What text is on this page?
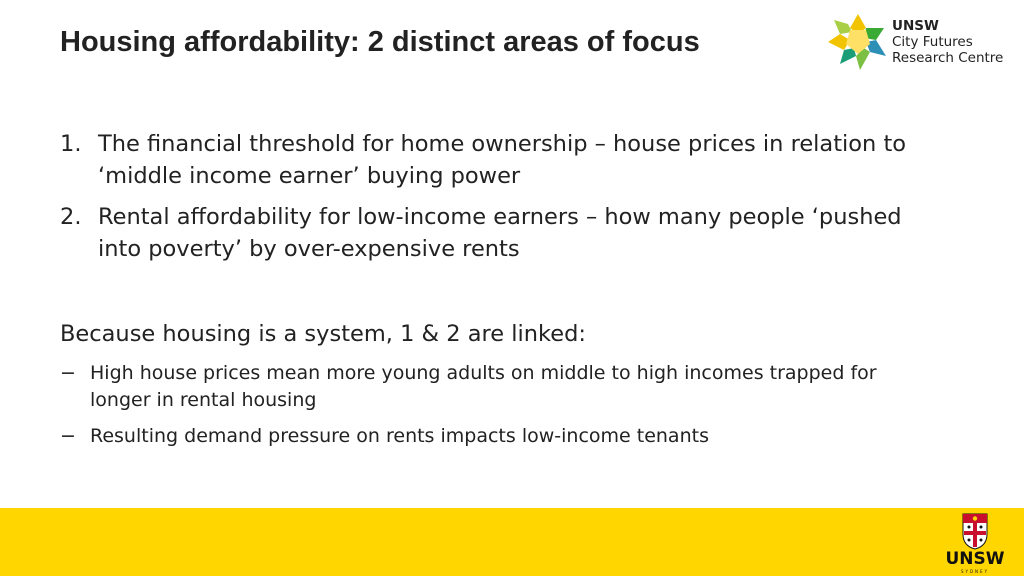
Housing affordability: 2 distinct areas of focus	UNSW
City Futures
Research Centre
1. The financial threshold for home ownership – house prices in relation to ‘middle income earner’ buying power
2. Rental affordability for low-income earners – how many people ‘pushed into poverty’ by over-expensive rents

Because housing is a system, 1 & 2 are linked:

− High house prices mean more young adults on middle to high incomes trapped for longer in rental housing
− Resulting demand pressure on rents impacts low-income tenants
UNSW
SYDNEY
